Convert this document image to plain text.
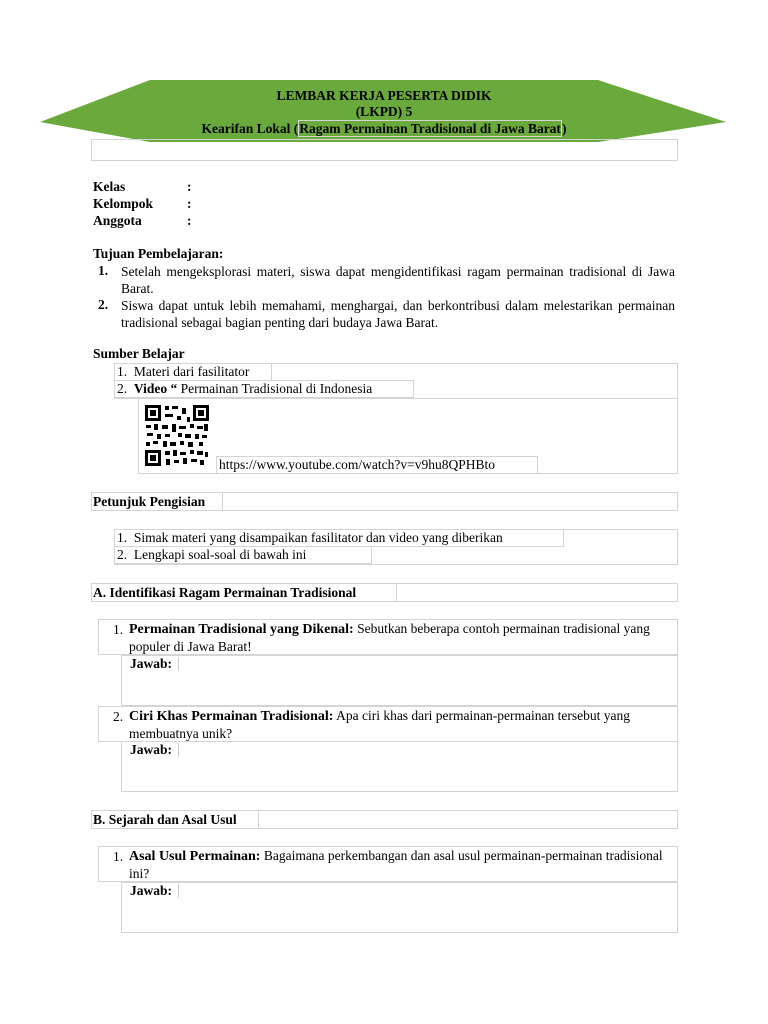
LEMBAR KERJA PESERTA DIDIK
(LKPD) 5
Kearifan Lokal (Ragam Permainan Tradisional di Jawa Barat)
Kelas	:
Kelompok	:
Anggota	:
Tujuan Pembelajaran:
1. Setelah mengeksplorasi materi, siswa dapat mengidentifikasi ragam permainan tradisional di Jawa Barat.
2. Siswa dapat untuk lebih memahami, menghargai, dan berkontribusi dalam melestarikan permainan tradisional sebagai bagian penting dari budaya Jawa Barat.
Sumber Belajar
1. Materi dari fasilitator
2. Video “ Permainan Tradisional di Indonesia
https://www.youtube.com/watch?v=v9hu8QPHBto
Petunjuk Pengisian
1. Simak materi yang disampaikan fasilitator dan video yang diberikan
2. Lengkapi soal-soal di bawah ini
A. Identifikasi Ragam Permainan Tradisional
1. Permainan Tradisional yang Dikenal: Sebutkan beberapa contoh permainan tradisional yang populer di Jawa Barat!
Jawab:
2. Ciri Khas Permainan Tradisional: Apa ciri khas dari permainan-permainan tersebut yang membuatnya unik?
Jawab:
B. Sejarah dan Asal Usul
1. Asal Usul Permainan: Bagaimana perkembangan dan asal usul permainan-permainan tradisional ini?
Jawab:
